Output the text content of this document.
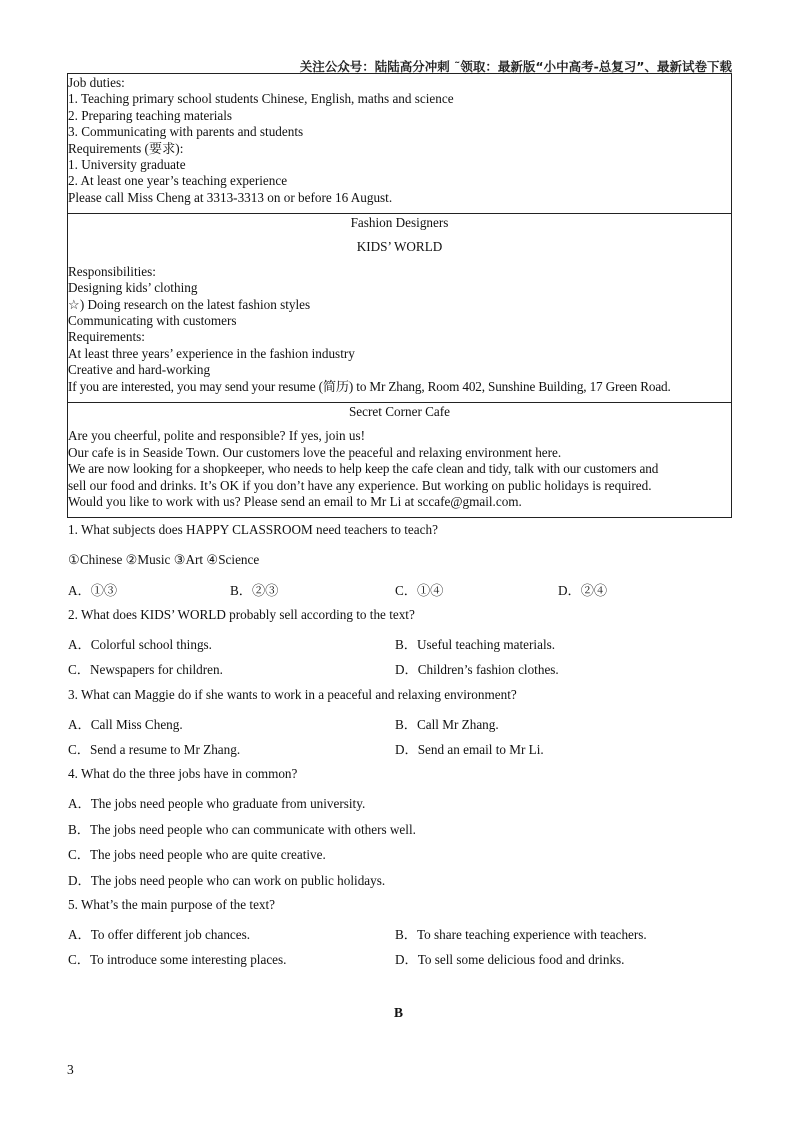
关注公众号：陆陆高分冲刺 ˜领取：最新版“小中高考-总复习”、最新试卷下载
Job duties:
1. Teaching primary school students Chinese, English, maths and science
2. Preparing teaching materials
3. Communicating with parents and students
Requirements (要求):
1. University graduate
2. At least one year’s teaching experience
Please call Miss Cheng at 3313-3313 on or before 16 August.
Fashion Designers
KIDS’ WORLD
Responsibilities:
Designing kids’ clothing
☆) Doing research on the latest fashion styles
Communicating with customers
Requirements:
At least three years’ experience in the fashion industry
Creative and hard-working
If you are interested, you may send your resume (简历) to Mr Zhang, Room 402, Sunshine Building, 17 Green Road.
Secret Corner Cafe
Are you cheerful, polite and responsible? If yes, join us!
Our cafe is in Seaside Town. Our customers love the peaceful and relaxing environment here.
We are now looking for a shopkeeper, who needs to help keep the cafe clean and tidy, talk with our customers and
sell our food and drinks. It’s OK if you don’t have any experience. But working on public holidays is required.
Would you like to work with us? Please send an email to Mr Li at sccafe@gmail.com.
1. What subjects does HAPPY CLASSROOM need teachers to teach?
①Chinese ②Music ③Art ④Science
A．①③	B．②③	C．①④	D．②④
2. What does KIDS’ WORLD probably sell according to the text?
A．Colorful school things.	B．Useful teaching materials.
C．Newspapers for children.	D．Children’s fashion clothes.
3. What can Maggie do if she wants to work in a peaceful and relaxing environment?
A．Call Miss Cheng.	B．Call Mr Zhang.
C．Send a resume to Mr Zhang.	D．Send an email to Mr Li.
4. What do the three jobs have in common?
A．The jobs need people who graduate from university.
B．The jobs need people who can communicate with others well.
C．The jobs need people who are quite creative.
D．The jobs need people who can work on public holidays.
5. What’s the main purpose of the text?
A．To offer different job chances.	B．To share teaching experience with teachers.
C．To introduce some interesting places.	D．To sell some delicious food and drinks.
B
3
